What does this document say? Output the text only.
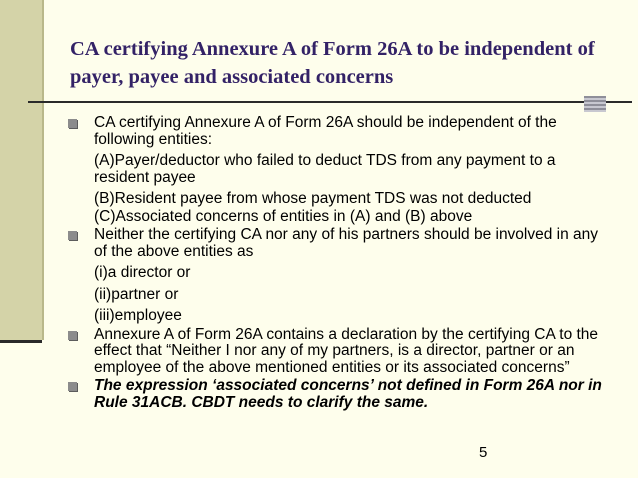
CA certifying Annexure A of Form 26A to be independent of payer, payee and associated concerns
CA certifying Annexure A of Form 26A should be independent of the following entities:
(A)Payer/deductor who failed to deduct TDS from any payment to a resident payee
(B)Resident payee from whose payment TDS was not deducted
(C)Associated concerns of entities in (A) and (B) above
Neither the certifying CA nor any of his partners should be involved in any of the above entities as
(i)a director or
(ii)partner or
(iii)employee
Annexure A of Form 26A contains a declaration by the certifying CA to the effect that “Neither I nor any of my partners, is a director, partner or an employee of the above mentioned entities or its associated concerns”
The expression ‘associated concerns’ not defined in Form 26A nor in Rule 31ACB. CBDT needs to clarify the same.
5
